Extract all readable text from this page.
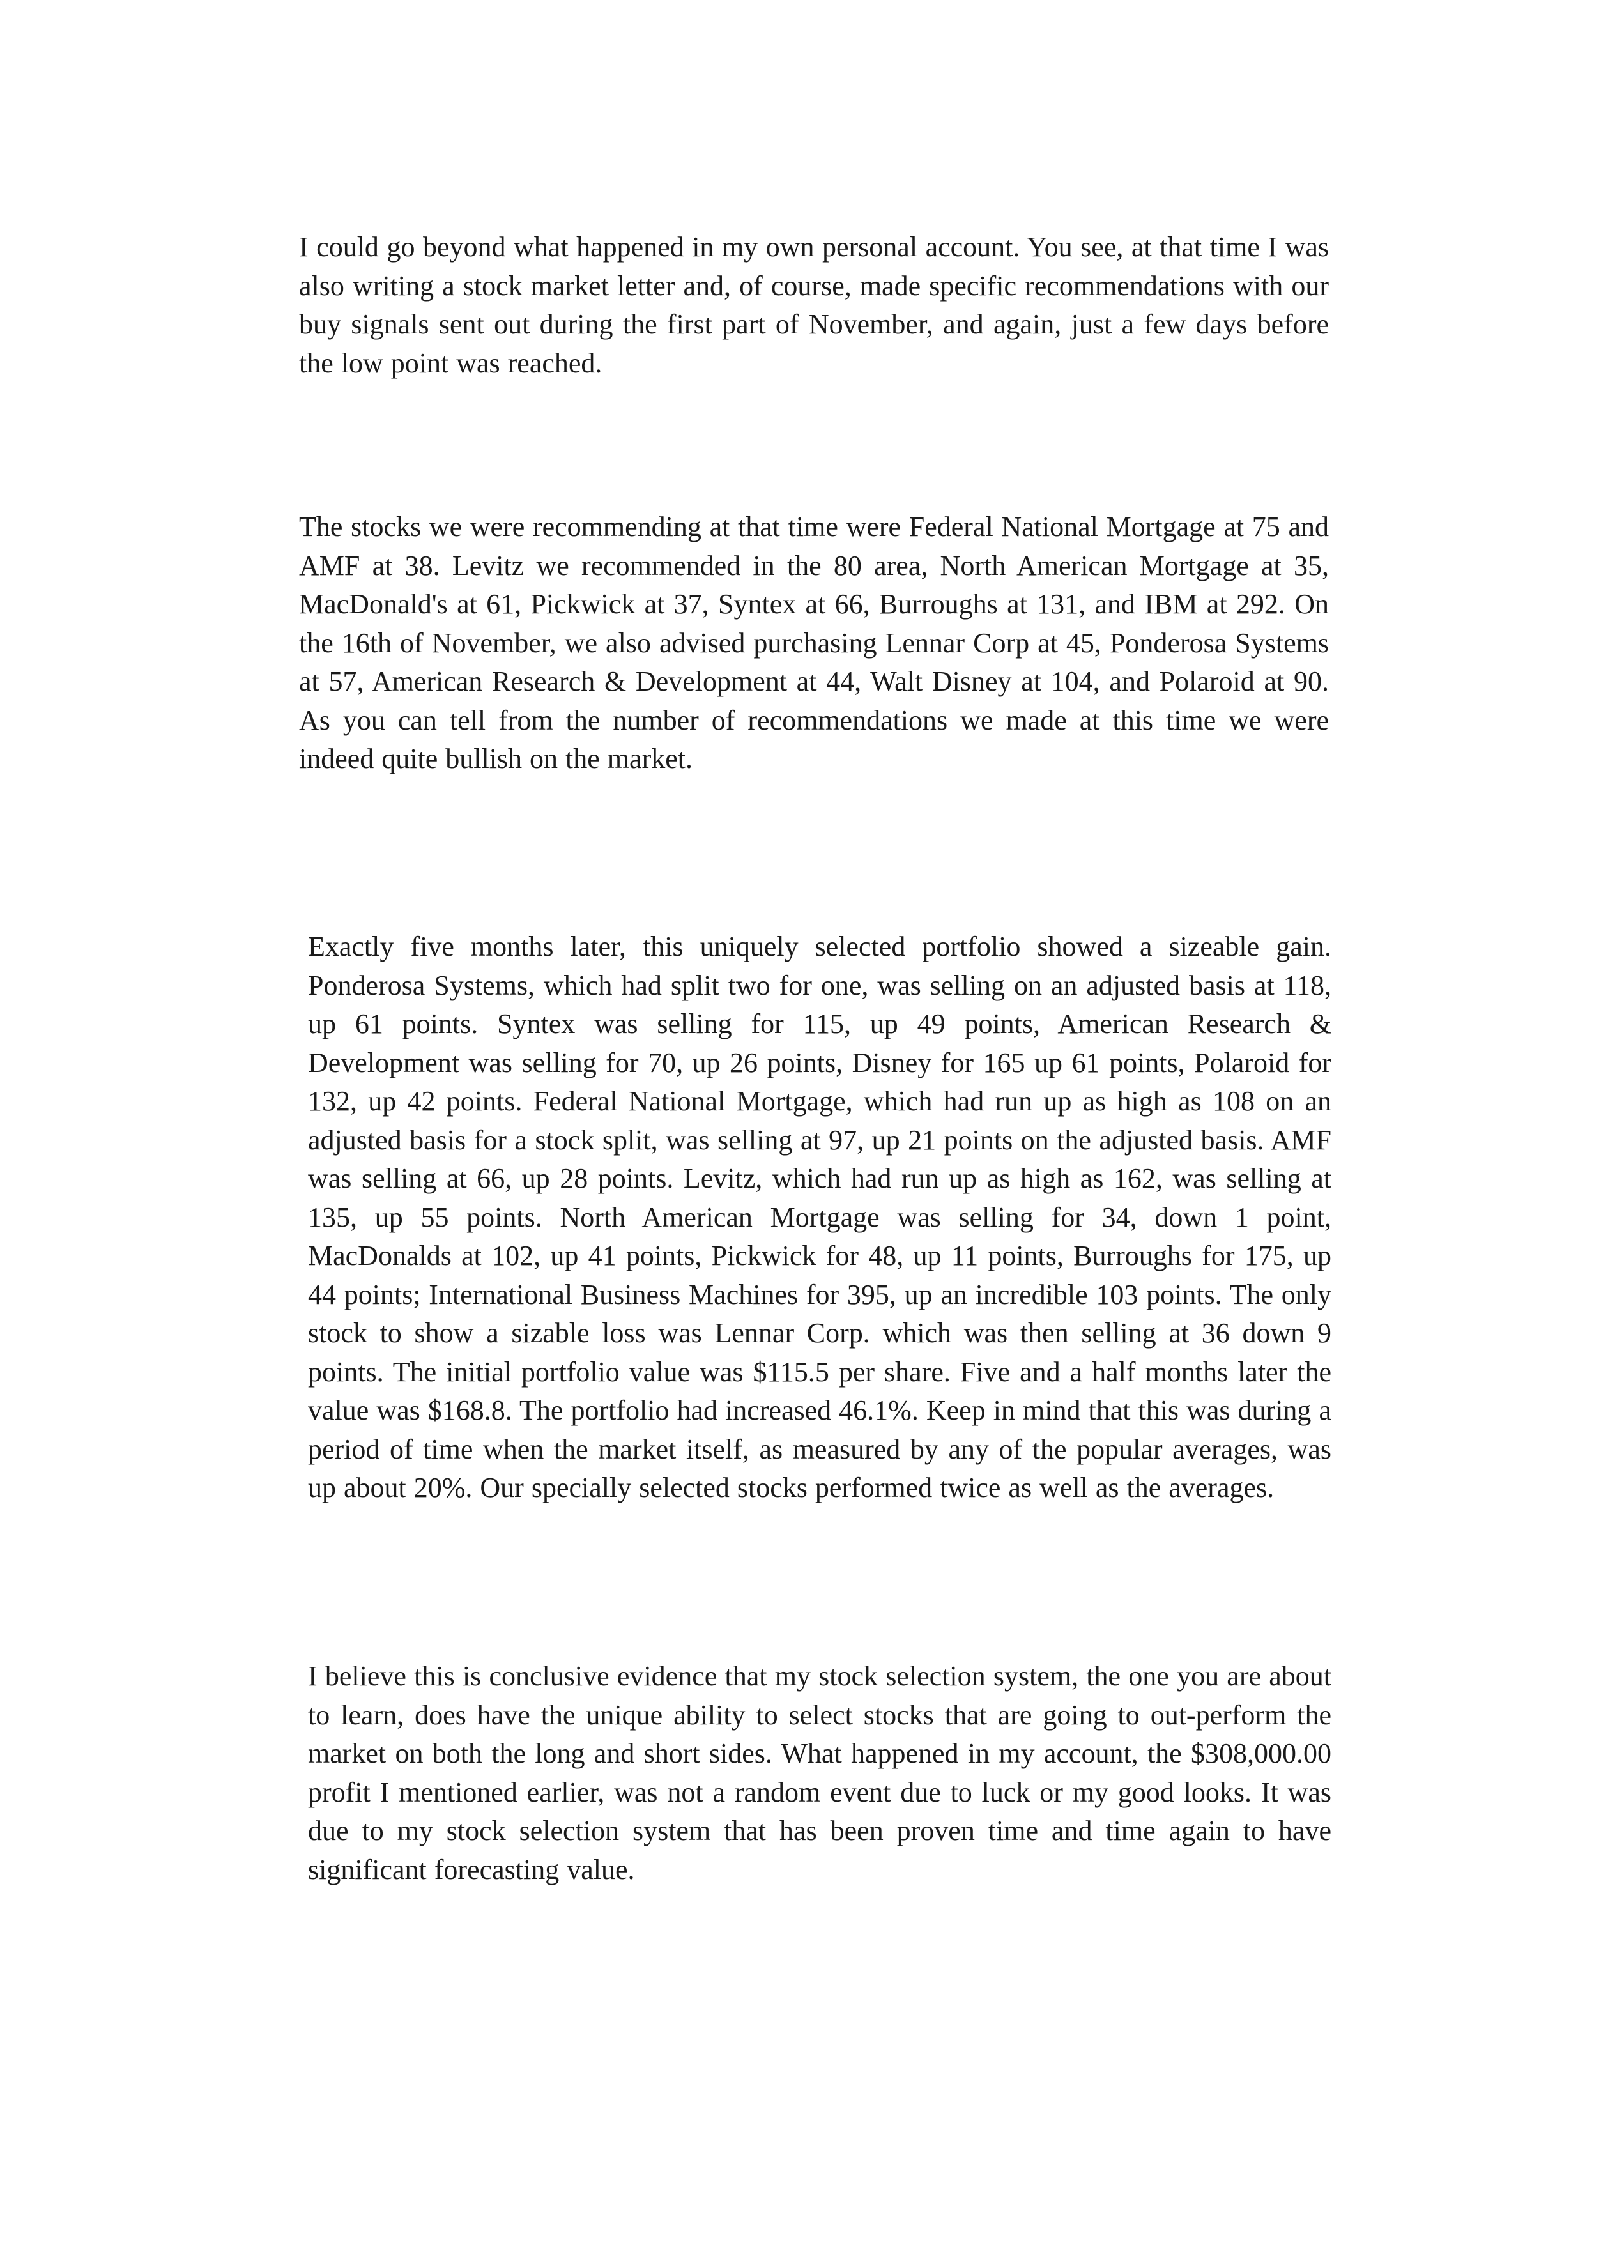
I could go beyond what happened in my own personal account. You see, at that time I was also writing a stock market letter and, of course, made specific recommendations with our buy signals sent out during the first part of November, and again, just a few days before the low point was reached.

The stocks we were recommending at that time were Federal National Mortgage at 75 and AMF at 38. Levitz we recommended in the 80 area, North American Mortgage at 35, MacDonald's at 61, Pickwick at 37, Syntex at 66, Burroughs at 131, and IBM at 292. On the 16th of November, we also advised purchasing Lennar Corp at 45, Ponderosa Systems at 57, American Research & Development at 44, Walt Disney at 104, and Polaroid at 90. As you can tell from the number of recommendations we made at this time we were indeed quite bullish on the market.

Exactly five months later, this uniquely selected portfolio showed a sizeable gain. Ponderosa Systems, which had split two for one, was selling on an adjusted basis at 118, up 61 points. Syntex was selling for 115, up 49 points, American Research & Development was selling for 70, up 26 points, Disney for 165 up 61 points, Polaroid for 132, up 42 points. Federal National Mortgage, which had run up as high as 108 on an adjusted basis for a stock split, was selling at 97, up 21 points on the adjusted basis. AMF was selling at 66, up 28 points. Levitz, which had run up as high as 162, was selling at 135, up 55 points. North American Mortgage was selling for 34, down 1 point, MacDonalds at 102, up 41 points, Pickwick for 48, up 11 points, Burroughs for 175, up 44 points; International Business Machines for 395, up an incredible 103 points. The only stock to show a sizable loss was Lennar Corp. which was then selling at 36 down 9 points. The initial portfolio value was $115.5 per share. Five and a half months later the value was $168.8. The portfolio had increased 46.1%. Keep in mind that this was during a period of time when the market itself, as measured by any of the popular averages, was up about 20%. Our specially selected stocks performed twice as well as the averages.

I believe this is conclusive evidence that my stock selection system, the one you are about to learn, does have the unique ability to select stocks that are going to out-perform the market on both the long and short sides. What happened in my account, the $308,000.00 profit I mentioned earlier, was not a random event due to luck or my good looks. It was due to my stock selection system that has been proven time and time again to have significant forecasting value.
